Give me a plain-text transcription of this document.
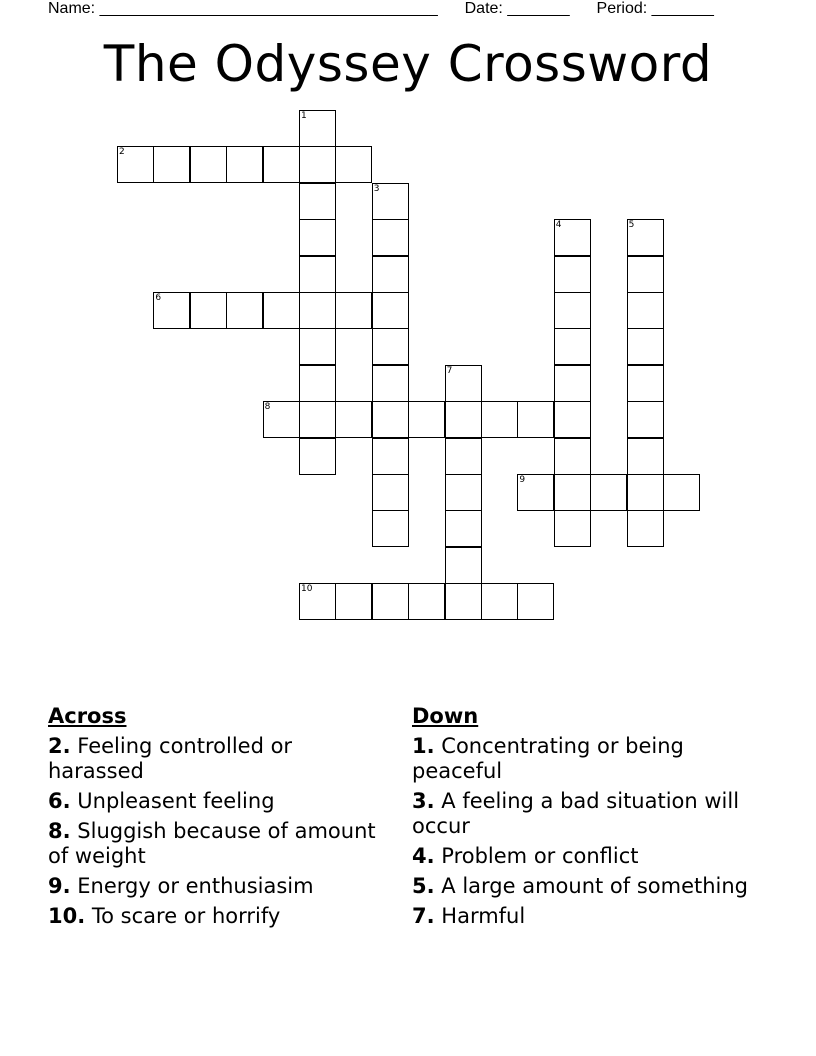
Name: ______________________________________ Date: _______ Period: _______
The Odyssey Crossword
1
2
3
4	5
6
7
8
9
10
Across
2. Feeling controlled or harassed
6. Unpleasent feeling
8. Sluggish because of amount of weight
9. Energy or enthusiasim
10. To scare or horrify
Down
1. Concentrating or being peaceful
3. A feeling a bad situation will occur
4. Problem or conflict
5. A large amount of something
7. Harmful
